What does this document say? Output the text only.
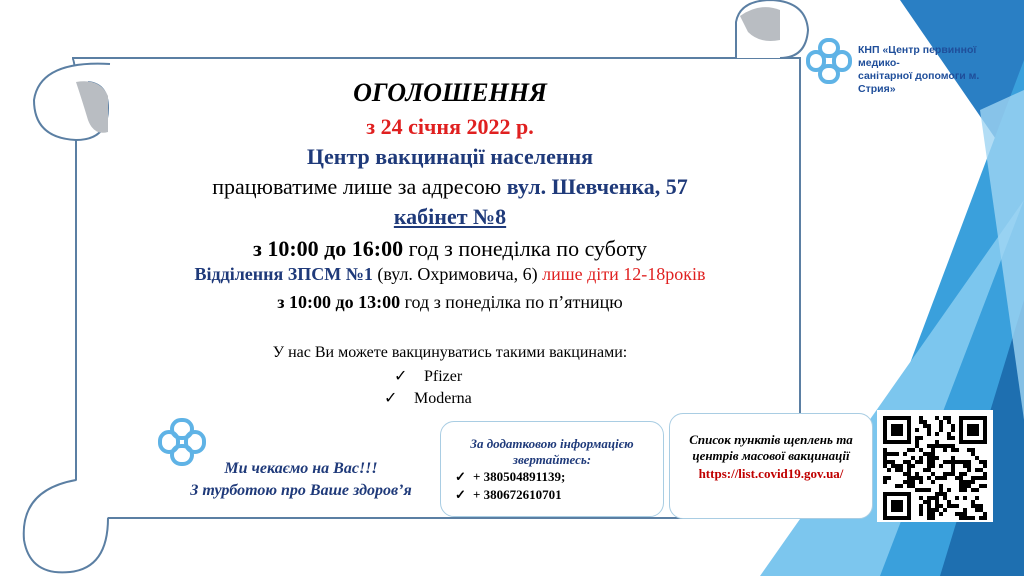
КНП «Центр первинної медико-
санітарної допомоги м. Стрия»
ОГОЛОШЕННЯ
з 24 січня 2022 р.
Центр вакцинації населення
працюватиме лише за адресою вул. Шевченка, 57
кабінет №8
з 10:00 до 16:00 год з понеділка по суботу
Відділення ЗПСМ №1 (вул. Охримовича, 6) лише діти 12-18років
з 10:00 до 13:00 год з понеділка по п’ятницю
У нас Ви можете вакцинуватись такими вакцинами:
✓ Pfizer
✓ Moderna
Ми чекаємо на Вас!!!
З турботою про Ваше здоров’я
За додатковою інформацією звертайтесь:
✓ + 380504891139;
✓ + 380672610701
Список пунктів щеплень та центрів масової вакцинації
https://list.covid19.gov.ua/
